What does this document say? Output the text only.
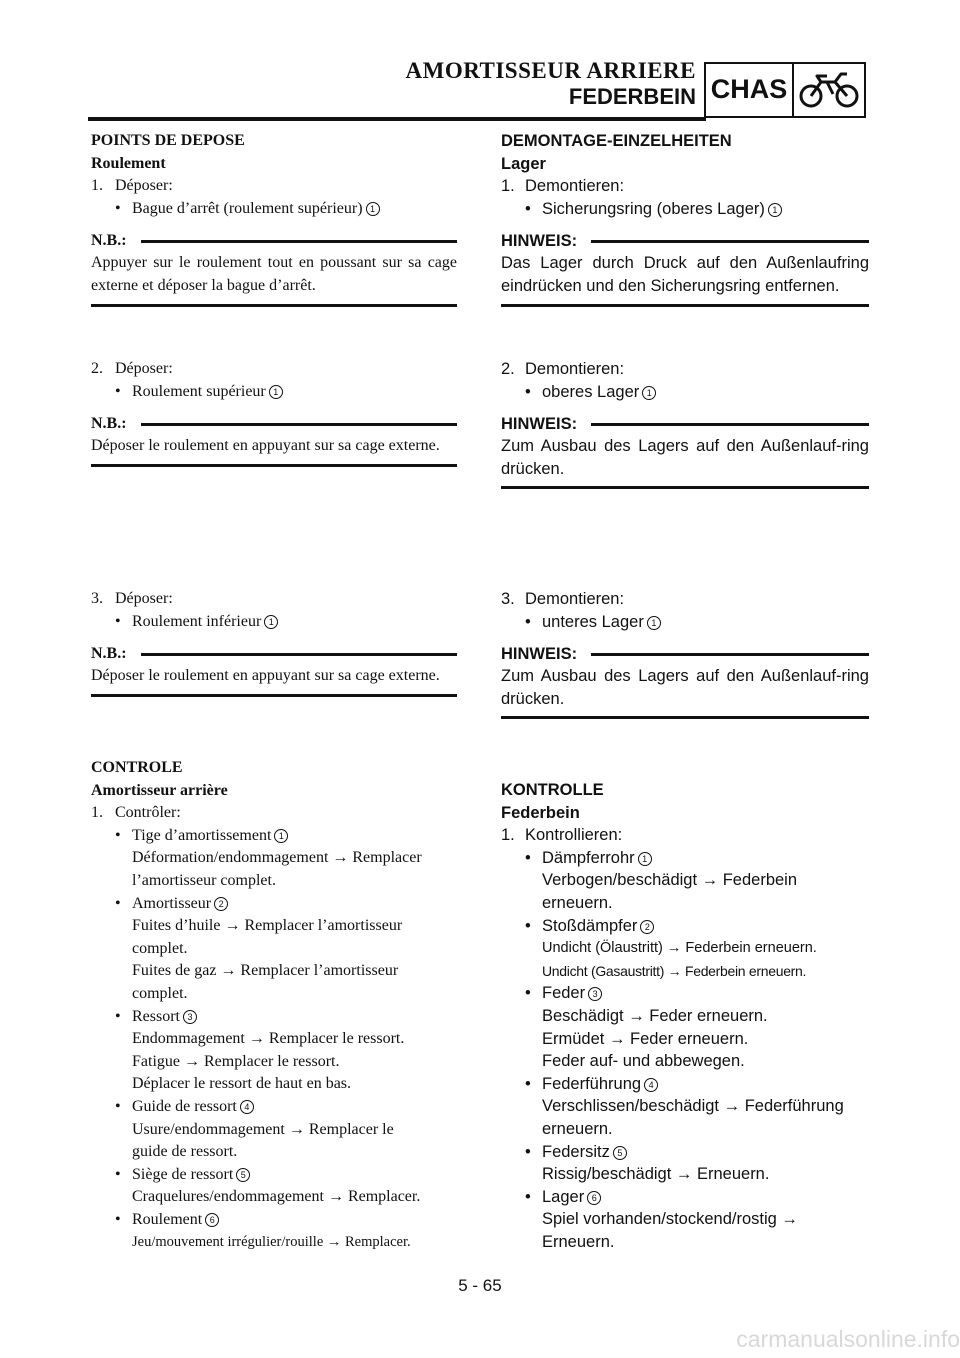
AMORTISSEUR ARRIERE
FEDERBEIN CHAS
POINTS DE DEPOSE
Roulement
1. Déposer:
• Bague d’arrêt (roulement supérieur) 1
N.B.:
Appuyer sur le roulement tout en poussant sur sa cage externe et déposer la bague d’arrêt.
2. Déposer:
• Roulement supérieur 1
N.B.:
Déposer le roulement en appuyant sur sa cage externe.
3. Déposer:
• Roulement inférieur 1
N.B.:
Déposer le roulement en appuyant sur sa cage externe.
CONTROLE
Amortisseur arrière
1. Contrôler:
• Tige d’amortissement 1
Déformation/endommagement → Remplacer
l’amortisseur complet.
• Amortisseur 2
Fuites d’huile → Remplacer l’amortisseur
complet.
Fuites de gaz → Remplacer l’amortisseur
complet.
• Ressort 3
Endommagement → Remplacer le ressort.
Fatigue → Remplacer le ressort.
Déplacer le ressort de haut en bas.
• Guide de ressort 4
Usure/endommagement → Remplacer le
guide de ressort.
• Siège de ressort 5
Craquelures/endommagement → Remplacer.
• Roulement 6
Jeu/mouvement irrégulier/rouille → Remplacer.
DEMONTAGE-EINZELHEITEN
Lager
1. Demontieren:
• Sicherungsring (oberes Lager) 1
HINWEIS:
Das Lager durch Druck auf den Außenlaufring eindrücken und den Sicherungsring entfernen.
2. Demontieren:
• oberes Lager 1
HINWEIS:
Zum Ausbau des Lagers auf den Außenlauf-ring drücken.
3. Demontieren:
• unteres Lager 1
HINWEIS:
Zum Ausbau des Lagers auf den Außenlauf-ring drücken.
KONTROLLE
Federbein
1. Kontrollieren:
• Dämpferrohr 1
Verbogen/beschädigt → Federbein
erneuern.
• Stoßdämpfer 2
Undicht (Ölaustritt) → Federbein erneuern.
Undicht (Gasaustritt) → Federbein erneuern.
• Feder 3
Beschädigt → Feder erneuern.
Ermüdet → Feder erneuern.
Feder auf- und abbewegen.
• Federführung 4
Verschlissen/beschädigt → Federführung
erneuern.
• Federsitz 5
Rissig/beschädigt → Erneuern.
• Lager 6
Spiel vorhanden/stockend/rostig →
Erneuern.
5 - 65
carmanualsonline.info
